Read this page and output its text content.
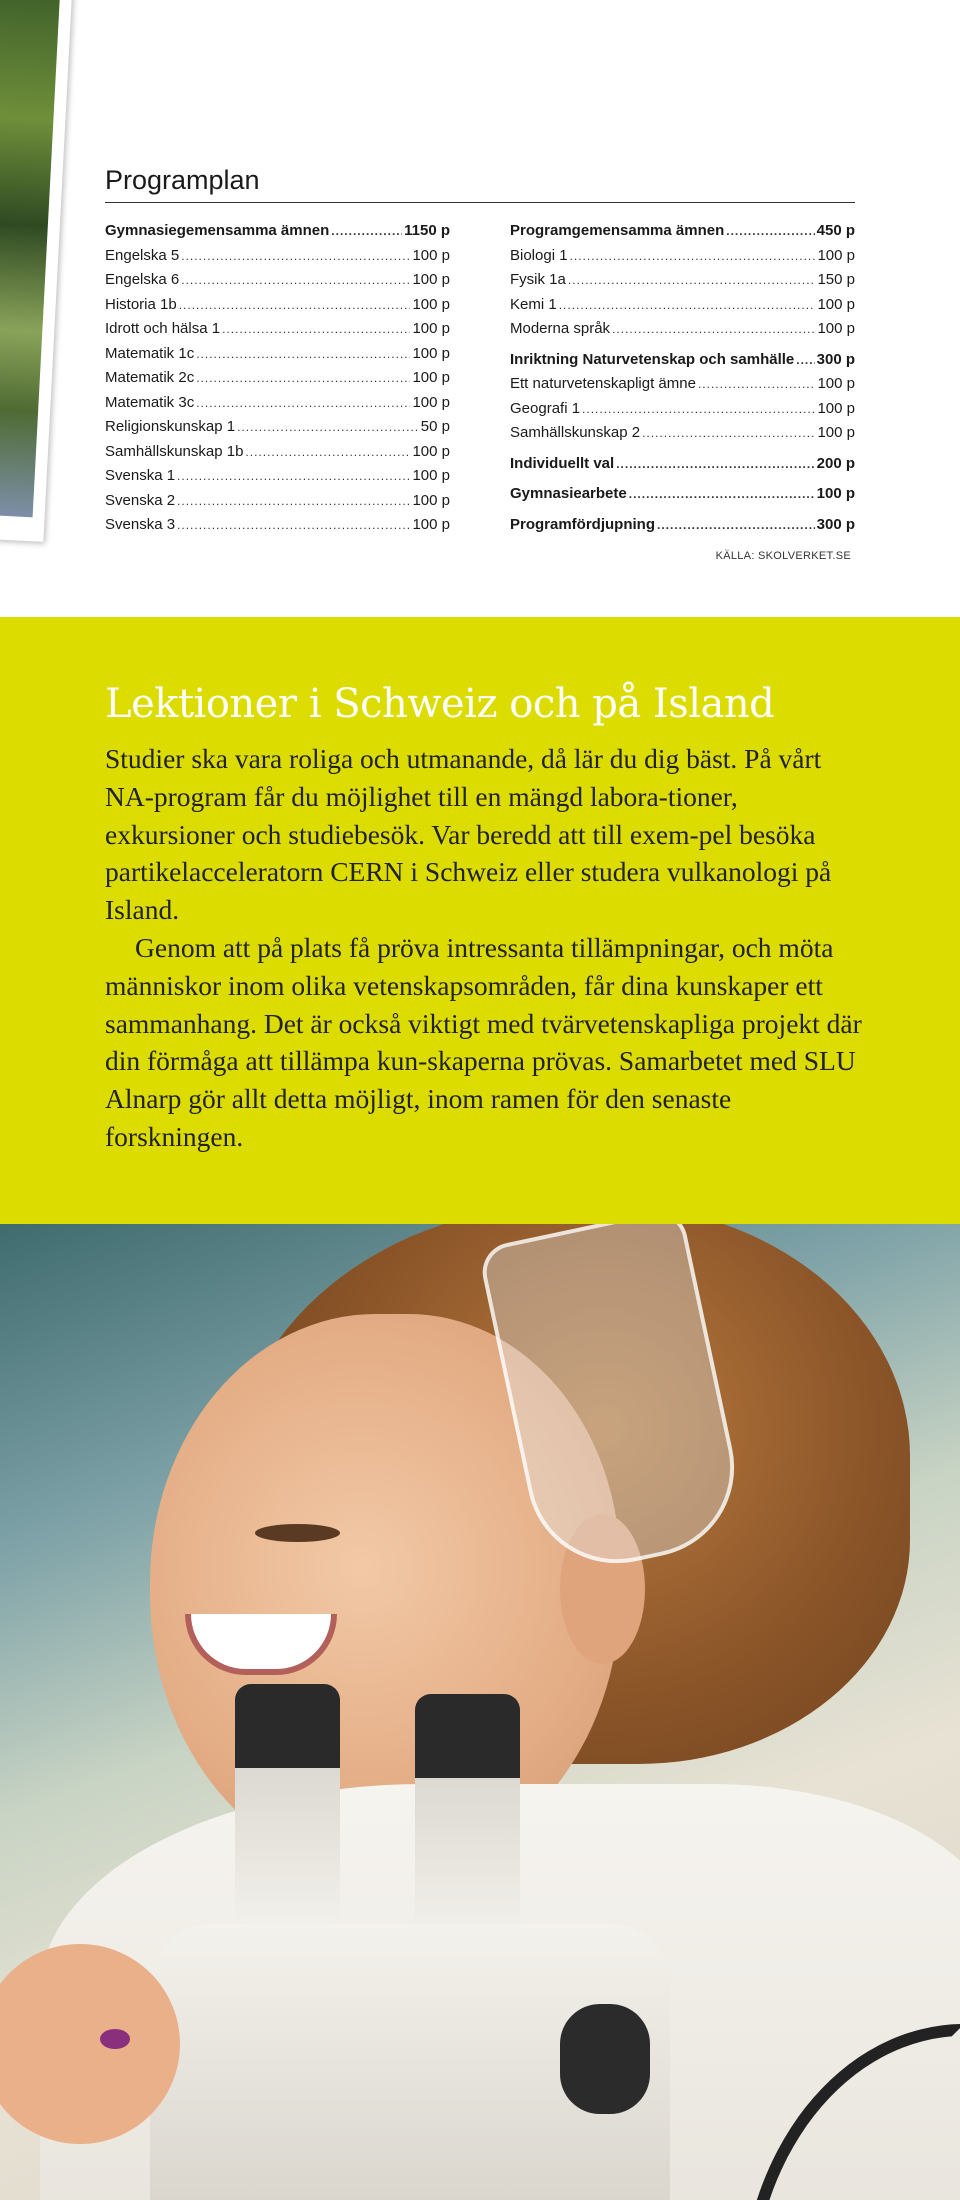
Programplan
Gymnasiegemensamma ämnen .....	1150 p
Engelska 5 .....	100 p
Engelska 6 .....	100 p
Historia 1b .....	100 p
Idrott och hälsa 1 .....	100 p
Matematik 1c .....	100 p
Matematik 2c .....	100 p
Matematik 3c .....	100 p
Religionskunskap 1 .....	50 p
Samhällskunskap 1b .....	100 p
Svenska 1 .....	100 p
Svenska 2 .....	100 p
Svenska 3 .....	100 p
Programgemensamma ämnen .....	450 p
Biologi 1 .....	100 p
Fysik 1a .....	150 p
Kemi 1 .....	100 p
Moderna språk .....	100 p
Inriktning Naturvetenskap och samhälle ..... 300 p
Ett naturvetenskapligt ämne .....	100 p
Geografi 1 .....	100 p
Samhällskunskap 2 .....	100 p
Individuellt val .....	200 p
Gymnasiearbete .....	100 p
Programfördjupning .....	300 p
KÄLLA: SKOLVERKET.SE
Lektioner i Schweiz och på Island

Studier ska vara roliga och utmanande, då lär du dig bäst. På vårt NA-program får du möjlighet till en mängd labora-tioner, exkursioner och studiebesök. Var beredd att till exem-pel besöka partikelacceleratorn CERN i Schweiz eller studera vulkanologi på Island.

Genom att på plats få pröva intressanta tillämpningar, och möta människor inom olika vetenskapsområden, får dina kunskaper ett sammanhang. Det är också viktigt med tvärvetenskapliga projekt där din förmåga att tillämpa kun-skaperna prövas. Samarbetet med SLU Alnarp gör allt detta möjligt, inom ramen för den senaste forskningen.
